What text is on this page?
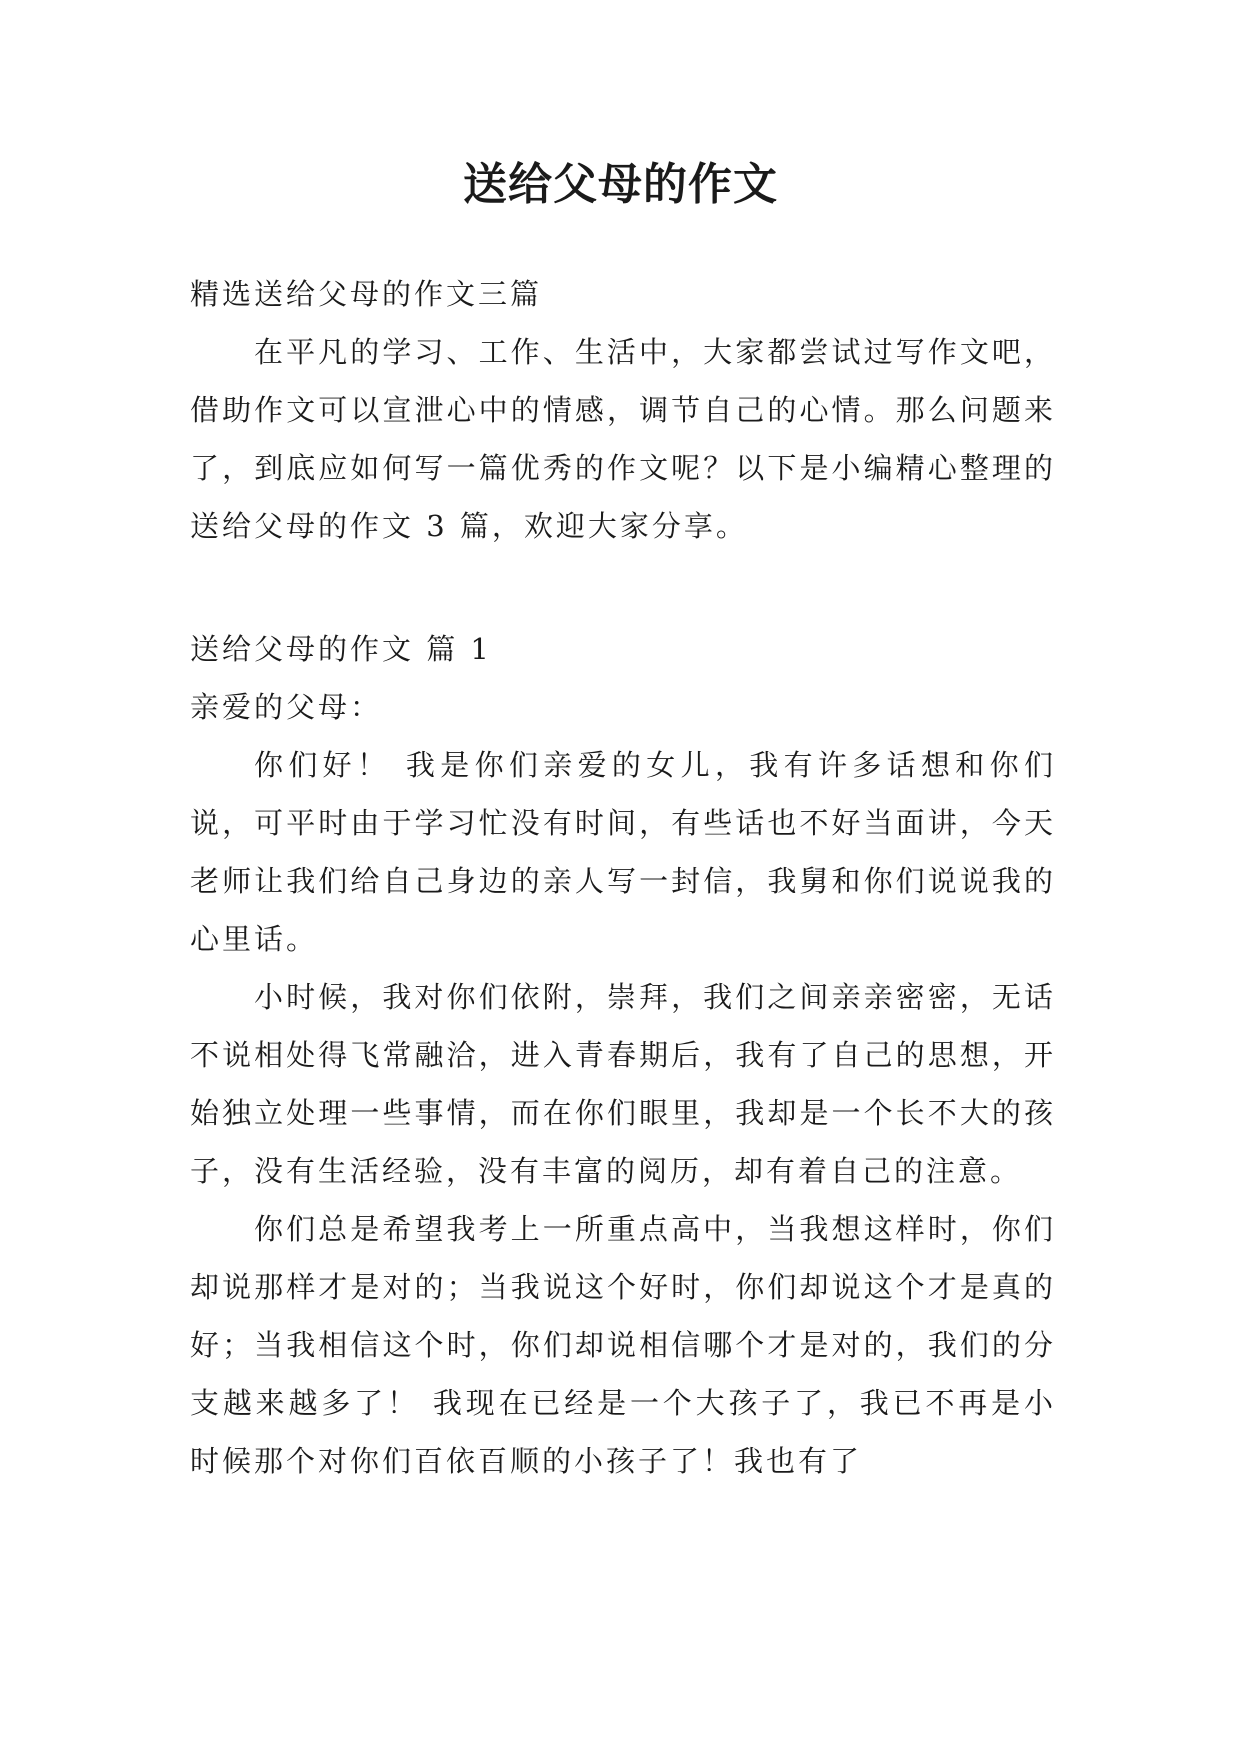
送给父母的作文

精选送给父母的作文三篇

在平凡的学习、工作、生活中，大家都尝试过写作文吧，借助作文可以宣泄心中的情感，调节自己的心情。那么问题来了，到底应如何写一篇优秀的作文呢？以下是小编精心整理的送给父母的作文 3 篇，欢迎大家分享。

送给父母的作文 篇 1

亲爱的父母：

你们好！ 我是你们亲爱的女儿，我有许多话想和你们说，可平时由于学习忙没有时间，有些话也不好当面讲，今天老师让我们给自己身边的亲人写一封信，我舅和你们说说我的心里话。

小时候，我对你们依附，崇拜，我们之间亲亲密密，无话不说相处得飞常融洽，进入青春期后，我有了自己的思想，开始独立处理一些事情，而在你们眼里，我却是一个长不大的孩子，没有生活经验，没有丰富的阅历，却有着自己的注意。

你们总是希望我考上一所重点高中，当我想这样时，你们却说那样才是对的；当我说这个好时，你们却说这个才是真的好；当我相信这个时，你们却说相信哪个才是对的，我们的分支越来越多了！ 我现在已经是一个大孩子了，我已不再是小时候那个对你们百依百顺的小孩子了！我也有了
